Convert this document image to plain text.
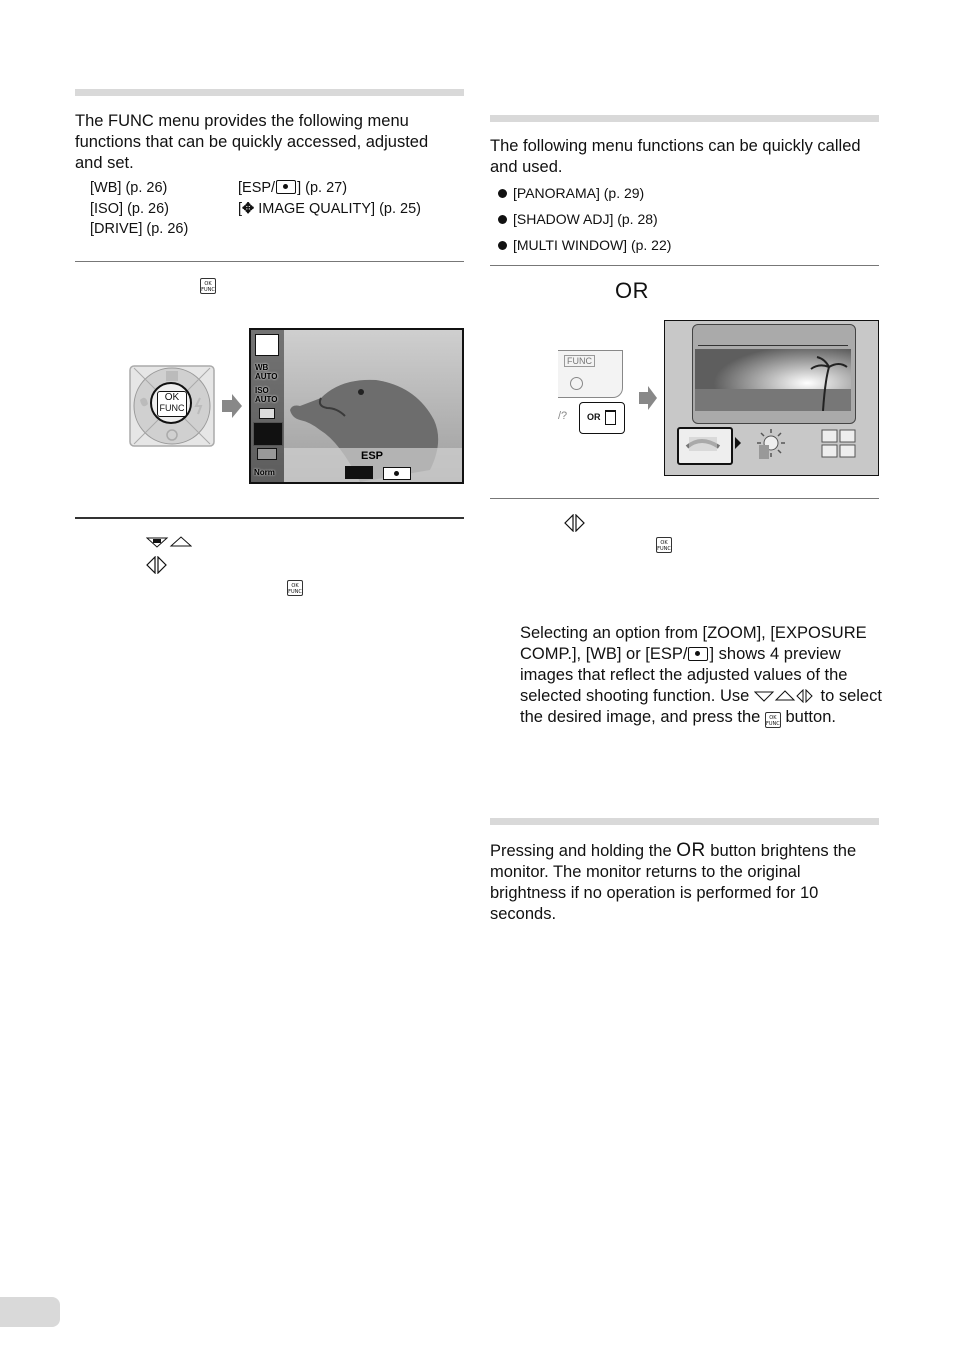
The FUNC menu provides the following menu functions that can be quickly accessed, adjusted and set.
[WB] (p. 26)
[ISO] (p. 26)
[DRIVE] (p. 26)
[ESP/ ] (p. 27)
[✥ IMAGE QUALITY] (p. 25)
OK
FUNC
OK
FUNC
WB
AUTO
ISO
AUTO
Norm
ESP
OK
FUNC
The following menu functions can be quickly called and used.
[PANORAMA] (p. 29)
[SHADOW ADJ] (p. 28)
[MULTI WINDOW] (p. 22)
OR
FUNC
OR
/?
OK
FUNC
Selecting an option from [ZOOM], [EXPOSURE COMP.], [WB] or [ESP/ ] shows 4 preview images that reflect the adjusted values of the selected shooting function. Use	to select the desired image, and press the OK
FUNC button.
Pressing and holding the OR button brightens the monitor. The monitor returns to the original brightness if no operation is performed for 10 seconds.
